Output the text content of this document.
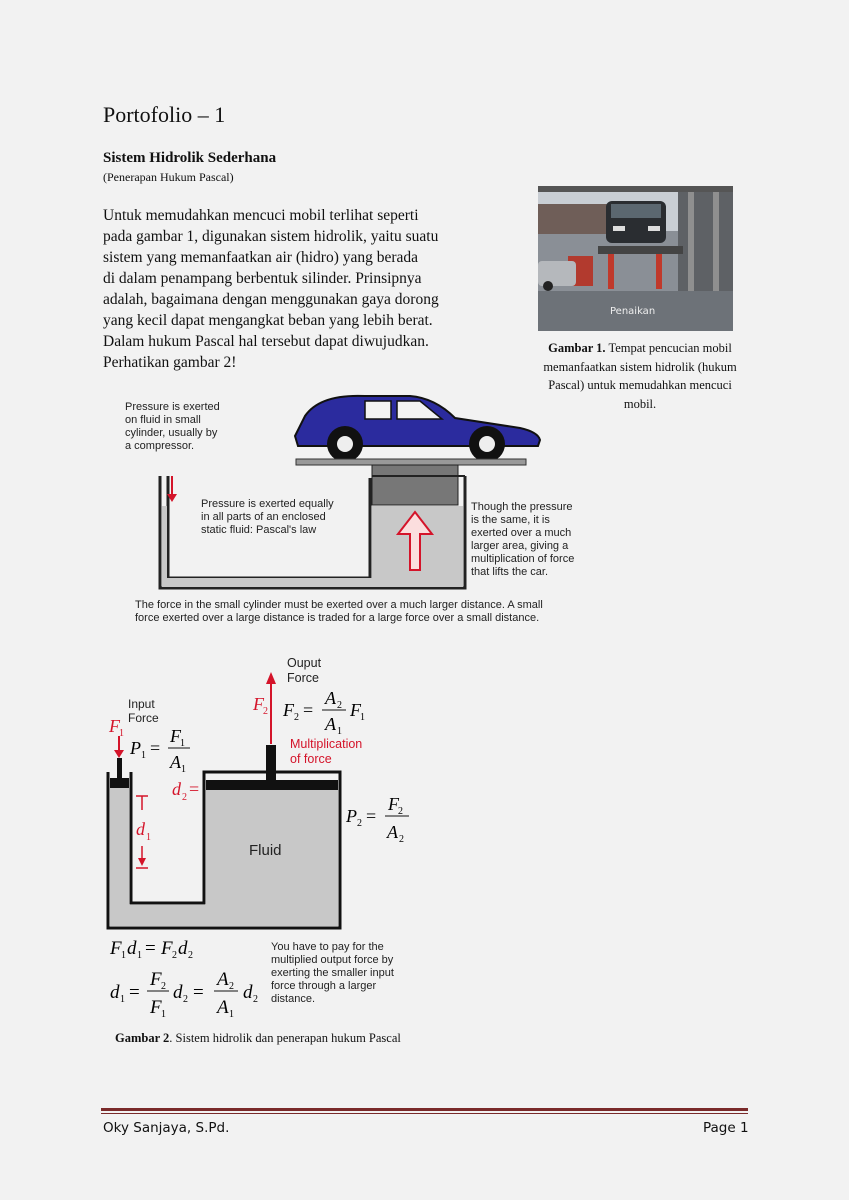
Portofolio – 1
Sistem Hidrolik Sederhana
(Penerapan Hukum Pascal)
Untuk memudahkan mencuci mobil terlihat seperti
pada gambar 1, digunakan sistem hidrolik, yaitu suatu
sistem yang memanfaatkan air (hidro) yang berada
di dalam penampang berbentuk silinder. Prinsipnya
adalah, bagaimana dengan menggunakan gaya dorong
yang kecil dapat mengangkat beban yang lebih berat.
Dalam hukum Pascal hal tersebut dapat diwujudkan.
Perhatikan gambar 2!
Penaikan
Gambar 1. Tempat pencucian mobil memanfaatkan sistem hidrolik (hukum Pascal) untuk memudahkan mencuci mobil.
Pressure is exerted
on fluid in small
cylinder, usually by
a compressor.
Pressure is exerted equally
in all parts of an enclosed
static fluid: Pascal's law
Though the pressure
is the same, it is
exerted over a much
larger area, giving a
multiplication of force
that lifts the car.
The force in the small cylinder must be exerted over a much larger distance. A small
force exerted over a large distance is traded for a large force over a small distance.
d 1
d 2 =
F 1
P 1 =
F 1
A 1
F 2 F 2 =
A 2
A 1
F 1
P 2 =
F 2
A 2
Ouput
Force
Input
Force
Multiplication
of force
Fluid
F 1 d 1 = F 2 d 2
d 1 =
F 2
F 1
d 2 =
A 2
A 1
d 2
You have to pay for the
multiplied output force by
exerting the smaller input
force through a larger
distance.
Gambar 2. Sistem hidrolik dan penerapan hukum Pascal
Oky Sanjaya, S.Pd.	Page 1
